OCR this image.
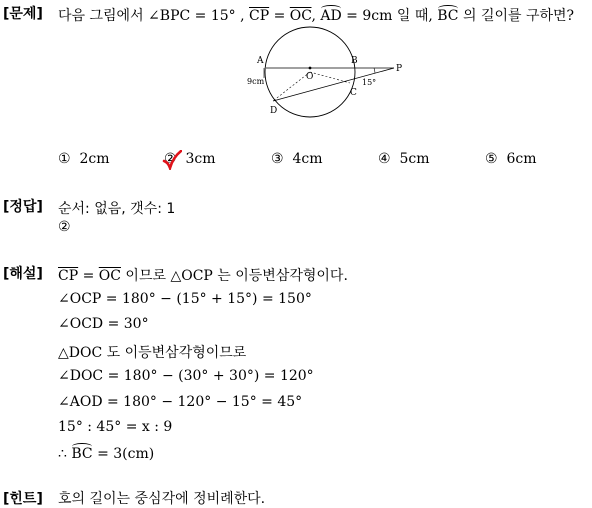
[문제] 다음 그림에서 ∠BPC = 15° , $\overline{CP} = \overline{OC}$, AD = 9cm 일 때, BC 의 길이를 구하면?
A
O
B
P
C
D
9cm	15°
① 2cm	② 3cm	③ 4cm	④ 5cm	⑤ 6cm
[정답] 순서: 없음, 갯수: 1
②
[해설] $\overline{CP} = \overline{OC}$ 이므로 △OCP 는 이등변삼각형이다.
∠OCP = 180° − (15° + 15°) = 150°
∠OCD = 30°
△DOC 도 이등변삼각형이므로
∠DOC = 180° − (30° + 30°) = 120°
∠AOD = 180° − 120° − 15° = 45°
15° : 45° = x : 9
∴ BC = 3(cm)
[힌트] 호의 길이는 중심각에 정비례한다.
